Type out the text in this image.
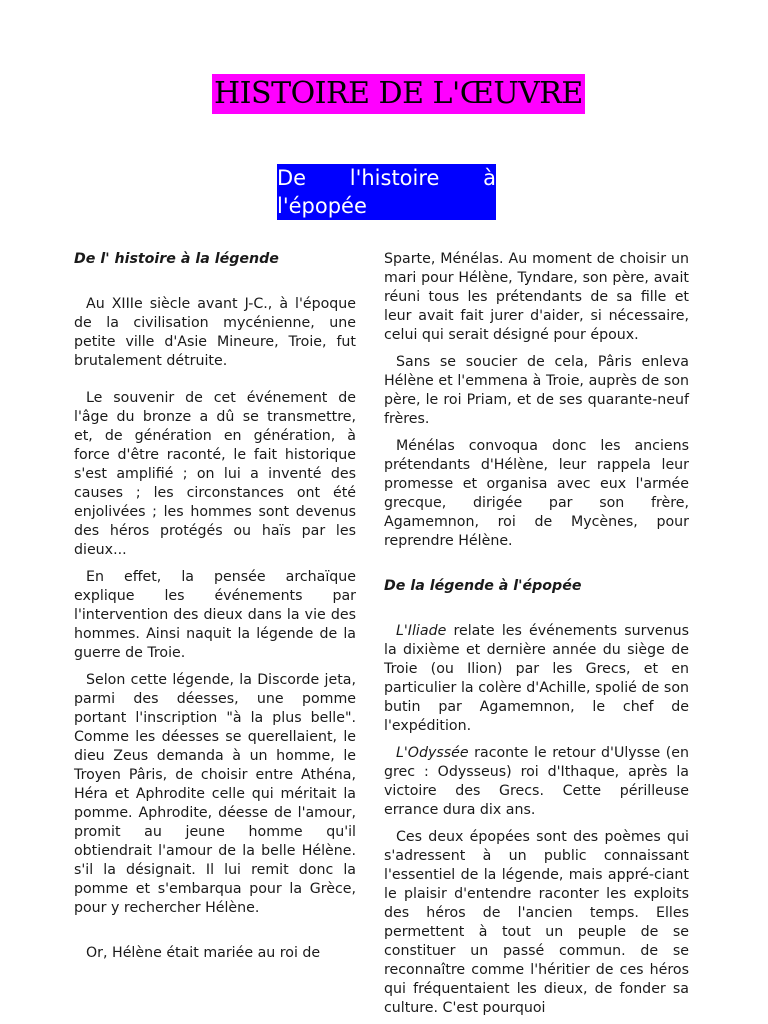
HISTOIRE DE L'ŒUVRE
De l'histoire à
l'épopée
De l' histoire à la légende

Au XIIIe siècle avant J-C., à l'époque de la civilisation mycénienne, une petite ville d'Asie Mineure, Troie, fut brutalement détruite.

Le souvenir de cet événement de l'âge du bronze a dû se transmettre, et, de génération en génération, à force d'être raconté, le fait historique s'est amplifié ; on lui a inventé des causes ; les circonstances ont été enjolivées ; les hommes sont devenus des héros protégés ou haïs par les dieux...

En effet, la pensée archaïque explique les événements par l'intervention des dieux dans la vie des hommes. Ainsi naquit la légende de la guerre de Troie.

Selon cette légende, la Discorde jeta, parmi des déesses, une pomme portant l'inscription "à la plus belle". Comme les déesses se querellaient, le dieu Zeus demanda à un homme, le Troyen Pâris, de choisir entre Athéna, Héra et Aphrodite celle qui méritait la pomme. Aphrodite, déesse de l'amour, promit au jeune homme qu'il obtiendrait l'amour de la belle Hélène. s'il la désignait. Il lui remit donc la pomme et s'embarqua pour la Grèce, pour y rechercher Hélène.

Or, Hélène était mariée au roi de

Sparte, Ménélas. Au moment de choisir un mari pour Hélène, Tyndare, son père, avait réuni tous les prétendants de sa fille et leur avait fait jurer d'aider, si nécessaire, celui qui serait désigné pour époux.

Sans se soucier de cela, Pâris enleva Hélène et l'emmena à Troie, auprès de son père, le roi Priam, et de ses quarante-neuf frères.

Ménélas convoqua donc les anciens prétendants d'Hélène, leur rappela leur promesse et organisa avec eux l'armée grecque, dirigée par son frère, Agamemnon, roi de Mycènes, pour reprendre Hélène.

De la légende à l'épopée

L'Iliade relate les événements survenus la dixième et dernière année du siège de Troie (ou Ilion) par les Grecs, et en particulier la colère d'Achille, spolié de son butin par Agamemnon, le chef de l'expédition.

L'Odyssée raconte le retour d'Ulysse (en grec : Odysseus) roi d'Ithaque, après la victoire des Grecs. Cette périlleuse errance dura dix ans.

Ces deux épopées sont des poèmes qui s'adressent à un public connaissant l'essentiel de la légende, mais appré-ciant le plaisir d'entendre raconter les exploits des héros de l'ancien temps. Elles permettent à tout un peuple de se constituer un passé commun. de se reconnaître comme l'héritier de ces héros qui fréquentaient les dieux, de fonder sa culture. C'est pourquoi
